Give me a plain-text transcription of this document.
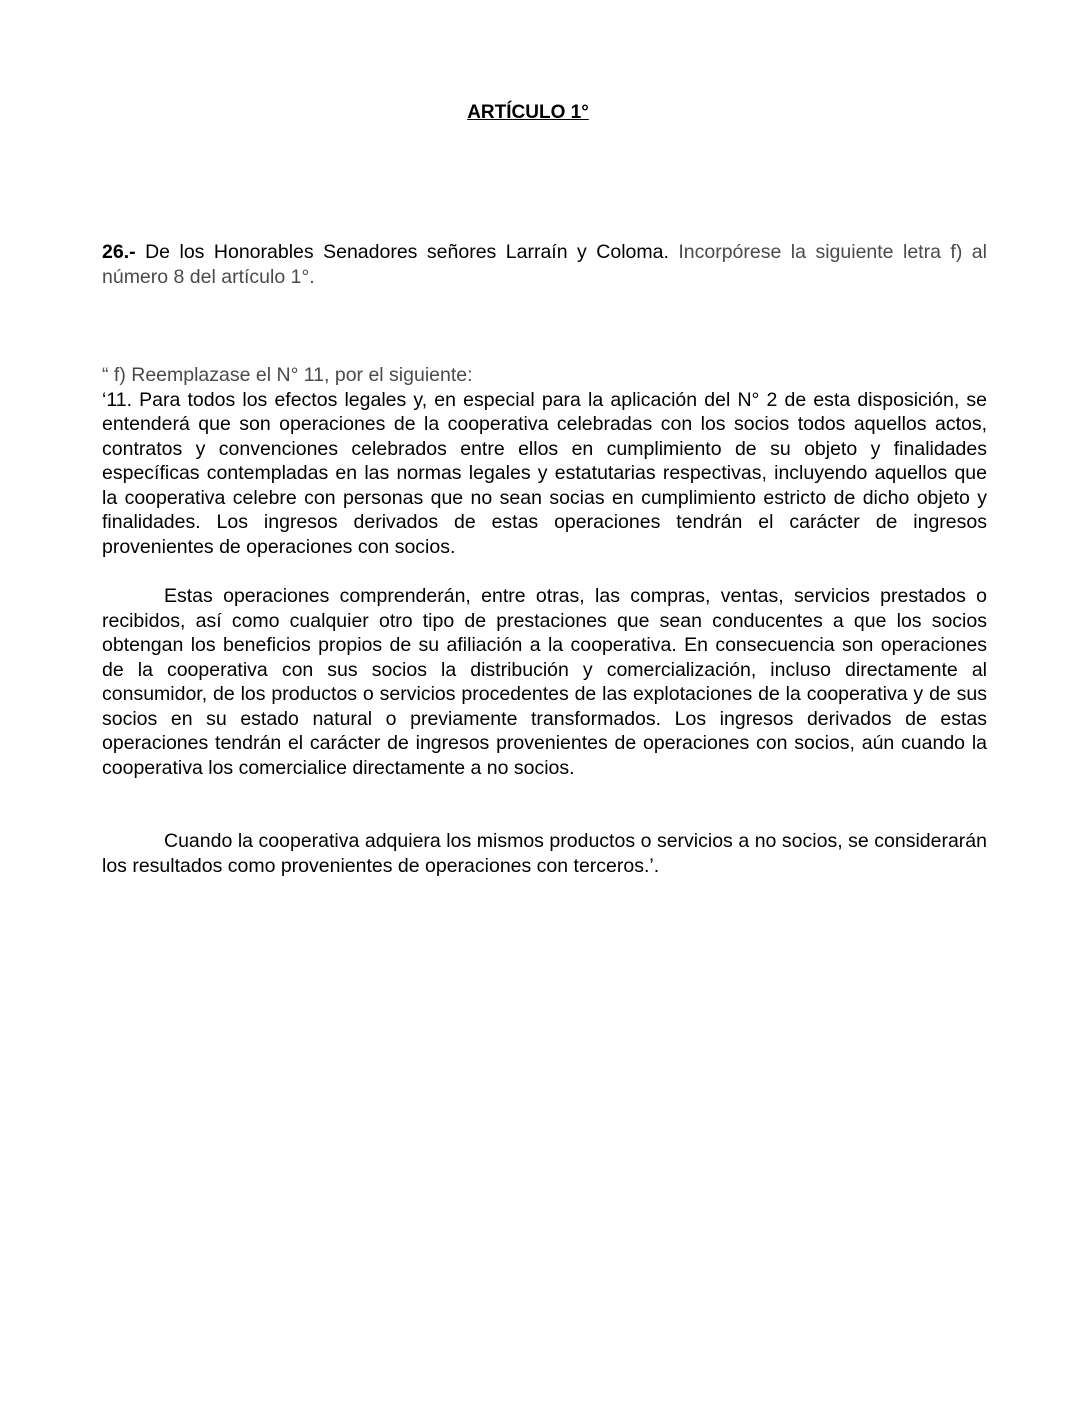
ARTÍCULO 1°
26.- De los Honorables Senadores señores Larraín y Coloma. Incorpórese la siguiente letra f) al número 8 del artículo 1°.

“ f) Reemplazase el N° 11, por el siguiente:

‘11. Para todos los efectos legales y, en especial para la aplicación del N° 2 de esta disposición, se entenderá que son operaciones de la cooperativa celebradas con los socios todos aquellos actos, contratos y convenciones celebrados entre ellos en cumplimiento de su objeto y finalidades específicas contempladas en las normas legales y estatutarias respectivas, incluyendo aquellos que la cooperativa celebre con personas que no sean socias en cumplimiento estricto de dicho objeto y finalidades. Los ingresos derivados de estas operaciones tendrán el carácter de ingresos provenientes de operaciones con socios.

Estas operaciones comprenderán, entre otras, las compras, ventas, servicios prestados o recibidos, así como cualquier otro tipo de prestaciones que sean conducentes a que los socios obtengan los beneficios propios de su afiliación a la cooperativa. En consecuencia son operaciones de la cooperativa con sus socios la distribución y comercialización, incluso directamente al consumidor, de los productos o servicios procedentes de las explotaciones de la cooperativa y de sus socios en su estado natural o previamente transformados. Los ingresos derivados de estas operaciones tendrán el carácter de ingresos provenientes de operaciones con socios, aún cuando la cooperativa los comercialice directamente a no socios.

Cuando la cooperativa adquiera los mismos productos o servicios a no socios, se considerarán los resultados como provenientes de operaciones con terceros.’.
